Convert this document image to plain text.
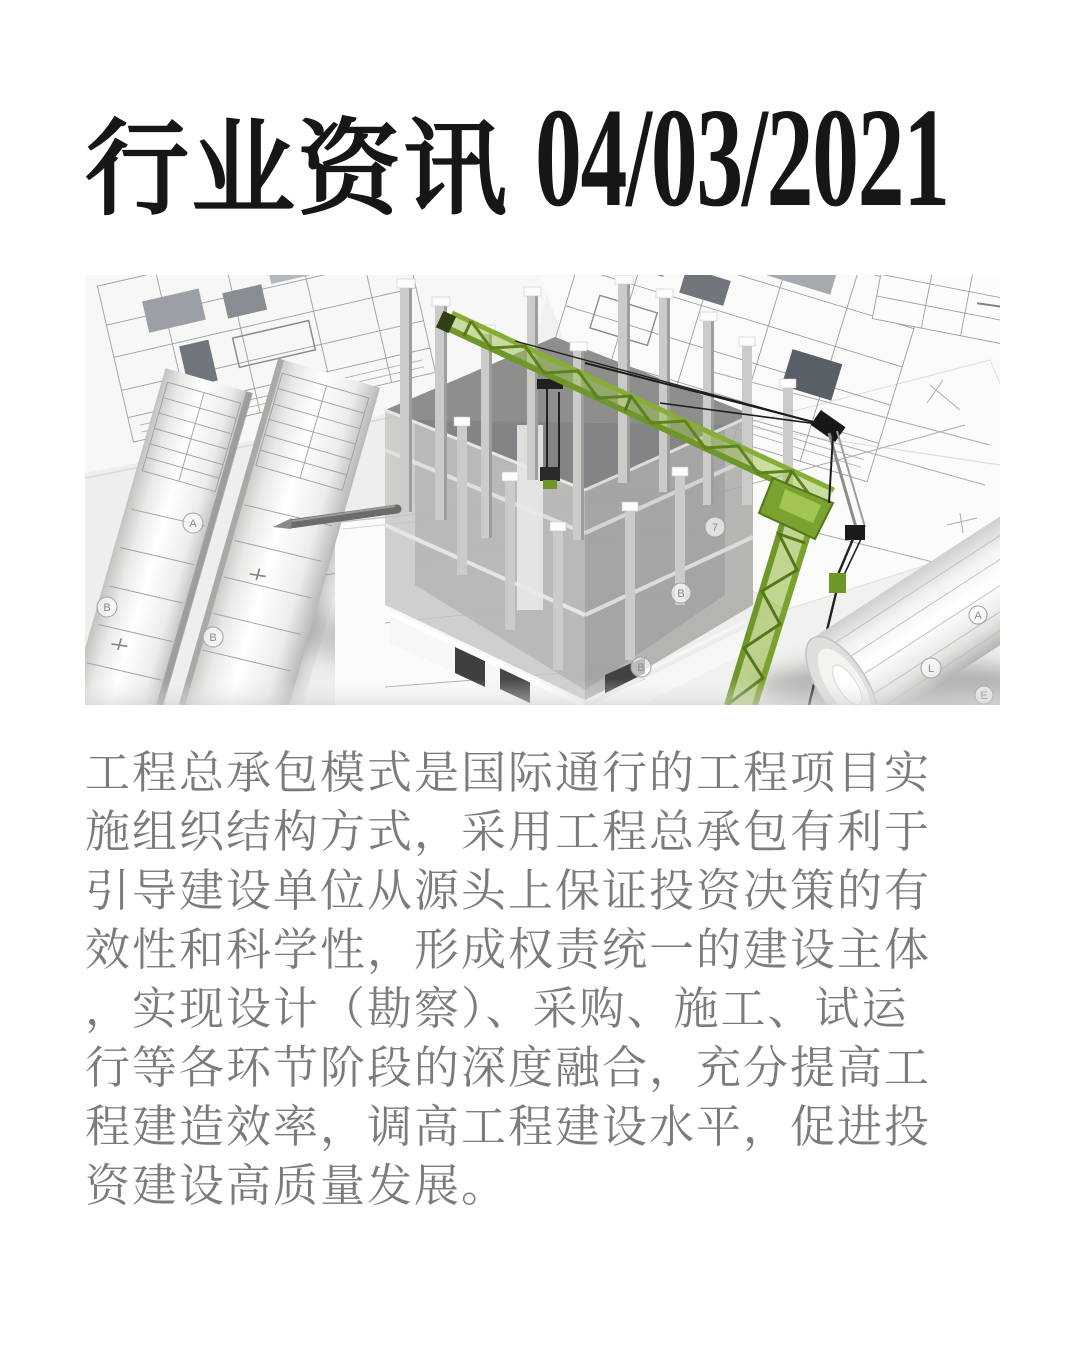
行业资讯 04/03/2021
A
B
B
7
B
B	L
A
工程总承包模式是国际通行的工程项目实
施组织结构方式，采用工程总承包有利于
引导建设单位从源头上保证投资决策的有
效性和科学性，形成权责统一的建设主体
，实现设计（勘察）、采购、施工、试运
行等各环节阶段的深度融合，充分提高工
程建造效率，调高工程建设水平，促进投
资建设高质量发展。
